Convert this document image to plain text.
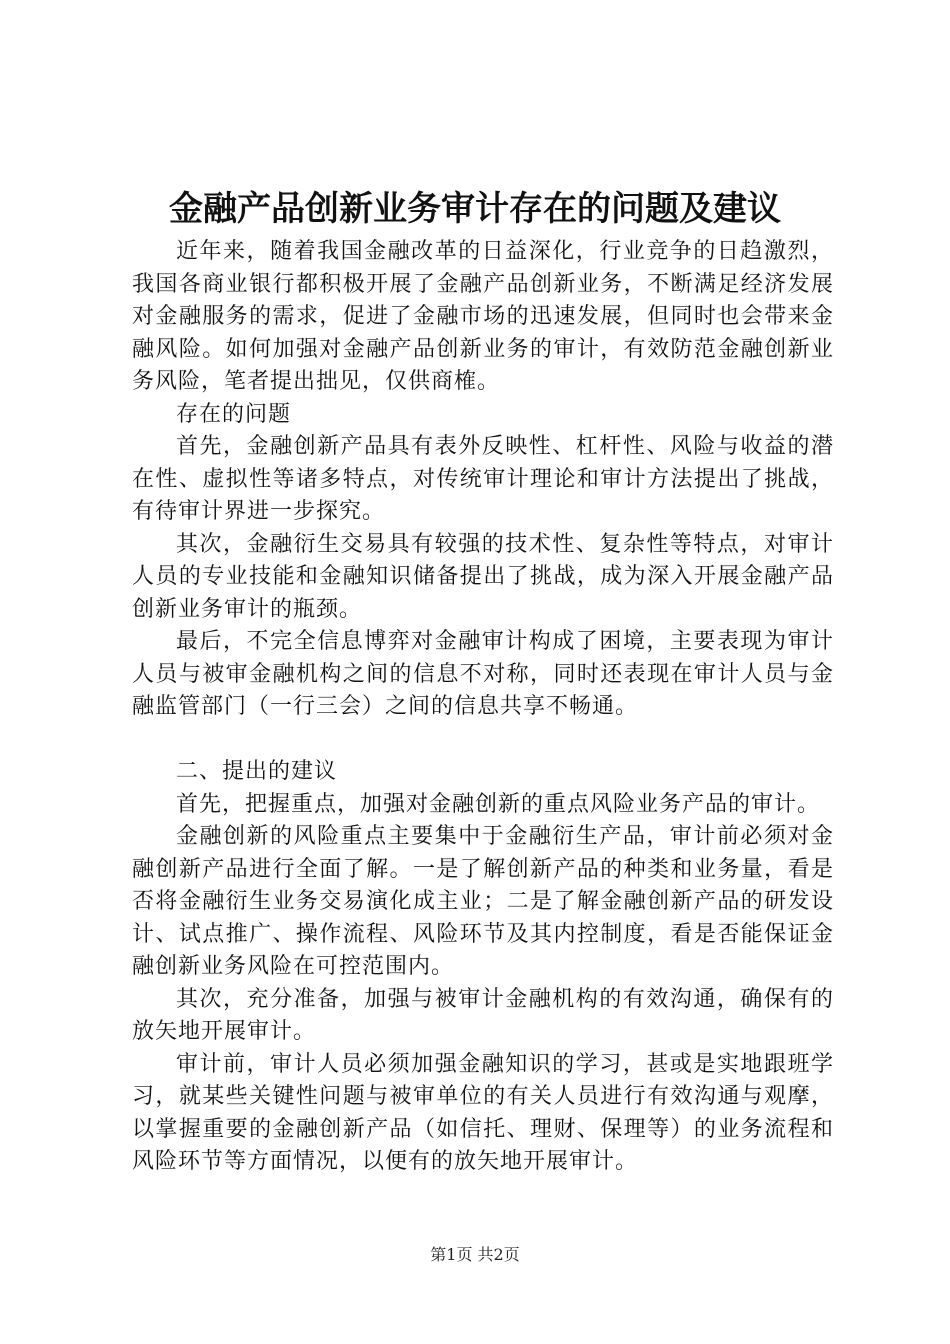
金融产品创新业务审计存在的问题及建议

近年来，随着我国金融改革的日益深化，行业竞争的日趋激烈，我国各商业银行都积极开展了金融产品创新业务，不断满足经济发展对金融服务的需求，促进了金融市场的迅速发展，但同时也会带来金融风险。如何加强对金融产品创新业务的审计，有效防范金融创新业务风险，笔者提出拙见，仅供商榷。

存在的问题

首先，金融创新产品具有表外反映性、杠杆性、风险与收益的潜在性、虚拟性等诸多特点，对传统审计理论和审计方法提出了挑战，有待审计界进一步探究。

其次，金融衍生交易具有较强的技术性、复杂性等特点，对审计人员的专业技能和金融知识储备提出了挑战，成为深入开展金融产品创新业务审计的瓶颈。

最后，不完全信息博弈对金融审计构成了困境，主要表现为审计人员与被审金融机构之间的信息不对称，同时还表现在审计人员与金融监管部门（一行三会）之间的信息共享不畅通。

二、提出的建议

首先，把握重点，加强对金融创新的重点风险业务产品的审计。

金融创新的风险重点主要集中于金融衍生产品，审计前必须对金融创新产品进行全面了解。一是了解创新产品的种类和业务量，看是否将金融衍生业务交易演化成主业；二是了解金融创新产品的研发设计、试点推广、操作流程、风险环节及其内控制度，看是否能保证金融创新业务风险在可控范围内。

其次，充分准备，加强与被审计金融机构的有效沟通，确保有的放矢地开展审计。

审计前，审计人员必须加强金融知识的学习，甚或是实地跟班学习，就某些关键性问题与被审单位的有关人员进行有效沟通与观摩，以掌握重要的金融创新产品（如信托、理财、保理等）的业务流程和风险环节等方面情况，以便有的放矢地开展审计。

第1页 共2页
